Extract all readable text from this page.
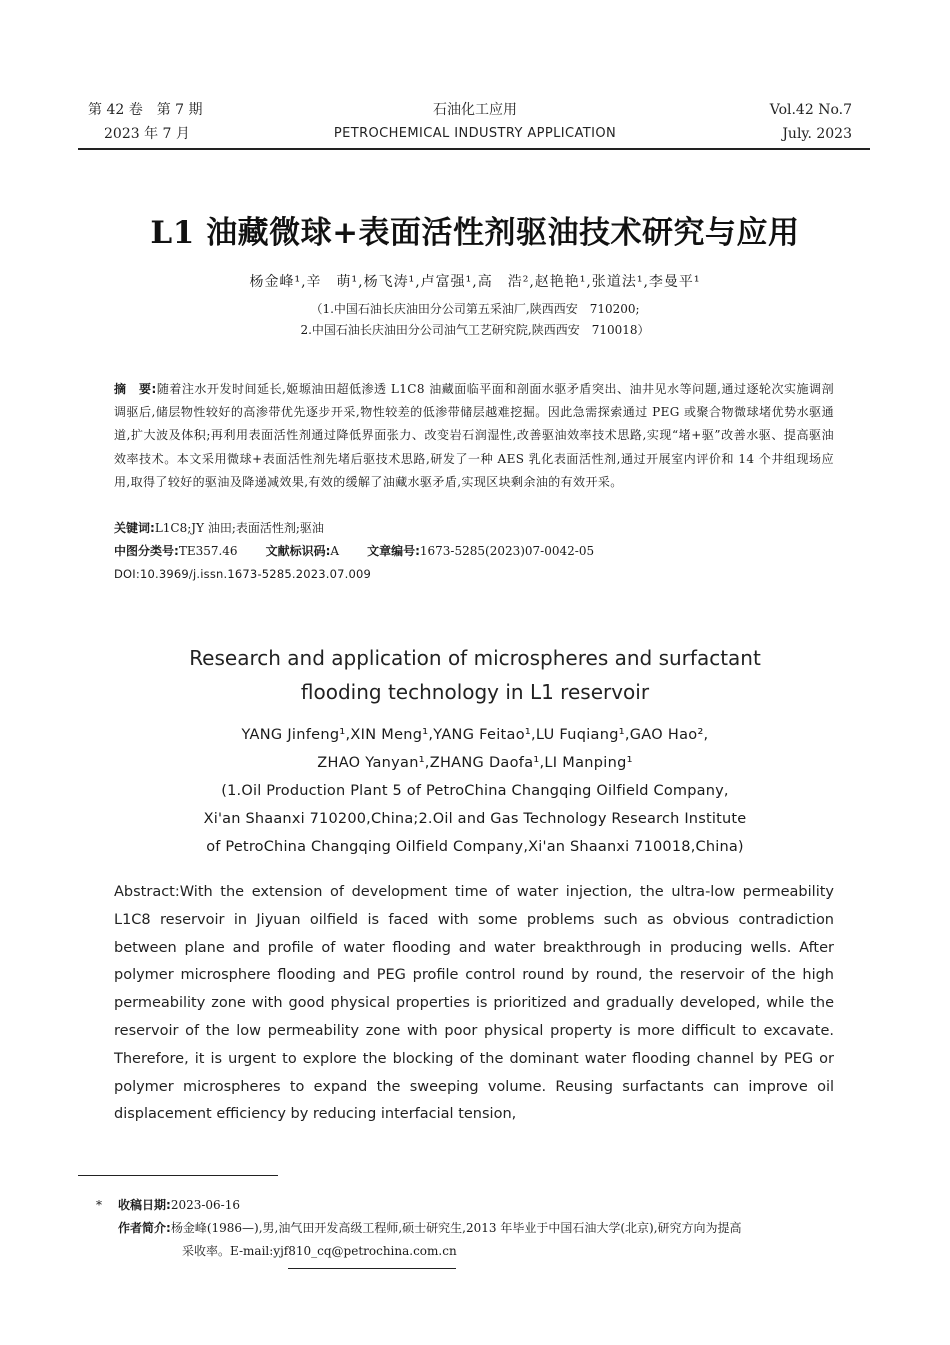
第 42 卷　第 7 期
2023 年 7 月
石油化工应用
PETROCHEMICAL INDUSTRY APPLICATION
Vol.42 No.7
July. 2023
L1 油藏微球+表面活性剂驱油技术研究与应用
杨金峰¹,辛　萌¹,杨飞涛¹,卢富强¹,高　浩²,赵艳艳¹,张道法¹,李曼平¹
（1.中国石油长庆油田分公司第五采油厂,陕西西安　710200;
2.中国石油长庆油田分公司油气工艺研究院,陕西西安　710018）
摘　要:随着注水开发时间延长,姬塬油田超低渗透 L1C8 油藏面临平面和剖面水驱矛盾突出、油井见水等问题,通过逐轮次实施调剖调驱后,储层物性较好的高渗带优先逐步开采,物性较差的低渗带储层越难挖掘。因此急需探索通过 PEG 或聚合物微球堵优势水驱通道,扩大波及体积;再利用表面活性剂通过降低界面张力、改变岩石润湿性,改善驱油效率技术思路,实现“堵+驱”改善水驱、提高驱油效率技术。本文采用微球+表面活性剂先堵后驱技术思路,研发了一种 AES 乳化表面活性剂,通过开展室内评价和 14 个井组现场应用,取得了较好的驱油及降递减效果,有效的缓解了油藏水驱矛盾,实现区块剩余油的有效开采。
关键词:L1C8;JY 油田;表面活性剂;驱油
中图分类号:TE357.46 文献标识码:A 文章编号:1673-5285(2023)07-0042-05
DOI:10.3969/j.issn.1673-5285.2023.07.009
Research and application of microspheres and surfactant
flooding technology in L1 reservoir
YANG Jinfeng¹,XIN Meng¹,YANG Feitao¹,LU Fuqiang¹,GAO Hao²,
ZHAO Yanyan¹,ZHANG Daofa¹,LI Manping¹
(1.Oil Production Plant 5 of PetroChina Changqing Oilfield Company,
Xi'an Shaanxi 710200,China;2.Oil and Gas Technology Research Institute
of PetroChina Changqing Oilfield Company,Xi'an Shaanxi 710018,China)
Abstract:With the extension of development time of water injection, the ultra-low permeability L1C8 reservoir in Jiyuan oilfield is faced with some problems such as obvious contradiction between plane and profile of water flooding and water breakthrough in producing wells. After polymer microsphere flooding and PEG profile control round by round, the reservoir of the high permeability zone with good physical properties is prioritized and gradually developed, while the reservoir of the low permeability zone with poor physical property is more difficult to excavate. Therefore, it is urgent to explore the blocking of the dominant water flooding channel by PEG or polymer microspheres to expand the sweeping volume. Reusing surfactants can improve oil displacement efficiency by reducing interfacial tension,
* 收稿日期:2023-06-16
作者简介:杨金峰(1986—),男,油气田开发高级工程师,硕士研究生,2013 年毕业于中国石油大学(北京),研究方向为提高
采收率。E-mail:yjf810_cq@petrochina.com.cn
